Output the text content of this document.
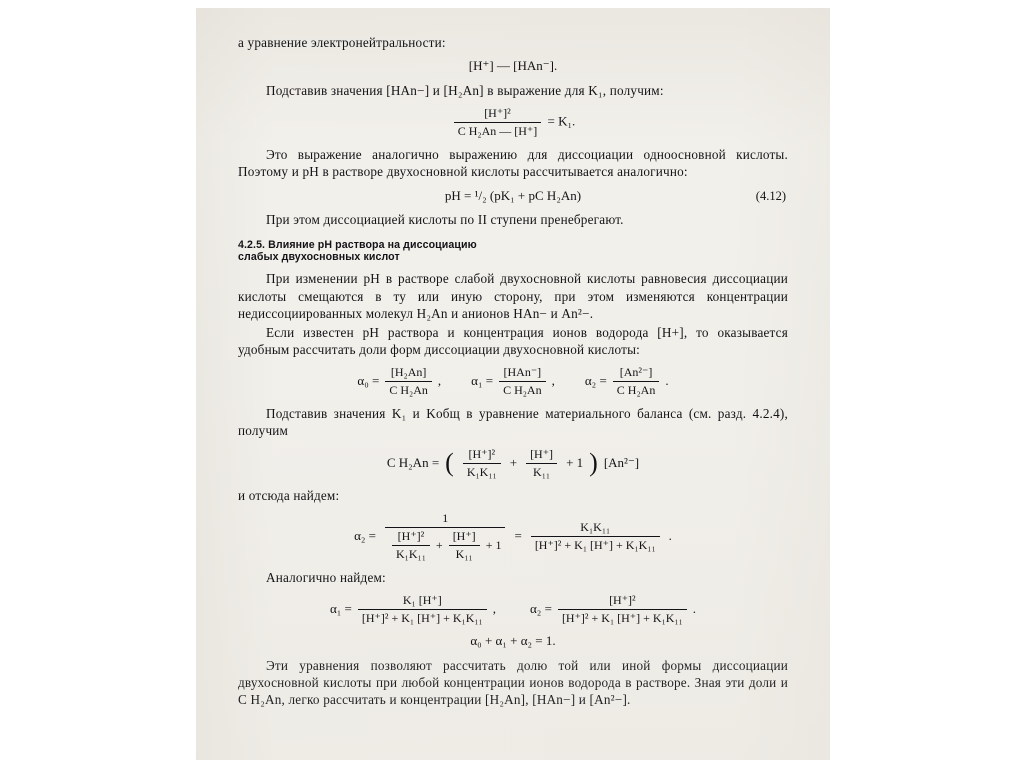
а уравнение электронейтральности:
[H⁺] — [HAn⁻].
Подставив значения [HAn−] и [H₂An] в выражение для K₁, получим:
$\frac{\text{[H⁺]²}}{\text{C H₂An — [H⁺]}} = K_1$.
Это выражение аналогично выражению для диссоциации одноосновной кислоты. Поэтому и pH в растворе двухосновной кислоты рассчитывается аналогично:
pH = ¹/₂ (pK₁ + pC H₂An)	(4.12)
При этом диссоциацией кислоты по II ступени пренебрегают.
4.2.5. Влияние pH раствора на диссоциацию
слабых двухосновных кислот
При изменении pH в растворе слабой двухосновной кислоты равновесия диссоциации кислоты смещаются в ту или иную сторону, при этом изменяются концентрации недиссоцииpованных молекул H₂An и анионов HAn− и An²−.
Если известен pH раствора и концентрация ионов водорода [H+], то оказывается удобным рассчитать доли форм диссоциации двухосновной кислоты:
$\alpha_0 = \frac{\text{[H₂An]}}{\text{C H₂An}}$ , $\alpha_1 = \frac{\text{[HAn⁻]}}{\text{C H₂An}}$ , $\alpha_2 = \frac{\text{[An²⁻]}}{\text{C H₂An}}$ .
Подставив значения K₁ и Kобщ в уравнение материального баланса (см. разд. 4.2.4), получим
C H₂An = ( $\frac{\text{[H⁺]²}}{\text{K₁K₁₁}} + \frac{[H^+]}{\text{K₁₁}} + 1$ ) [An²⁻]
и отсюда найдем:
α₂ =
1
$\frac{\text{[H⁺]²}}{\text{K₁K₁₁}} + \frac{[H^+]}{\text{K₁₁}} + 1$
= $\frac{\text{K₁K₁₁}}{\text{[H⁺]² + K₁ [H⁺] + K₁K₁₁}}$ .
Аналогично найдем:
$\alpha_1 = \frac{\text{K₁ [H⁺]}}{\text{[H⁺]² + K₁ [H⁺] + K₁K₁₁}}$ ,	$\alpha_2 = \frac{\text{[H⁺]²}}{\text{[H⁺]² + K₁ [H⁺] + K₁K₁₁}}$ .
α₀ + α₁ + α₂ = 1.
Эти уравнения позволяют рассчитать долю той или иной формы диссоциации двухосновной кислоты при любой концентрации ионов водорода в растворе. Зная эти доли и C H₂An, легко рассчитать и концентрации [H₂An], [HAn−] и [An²−].
